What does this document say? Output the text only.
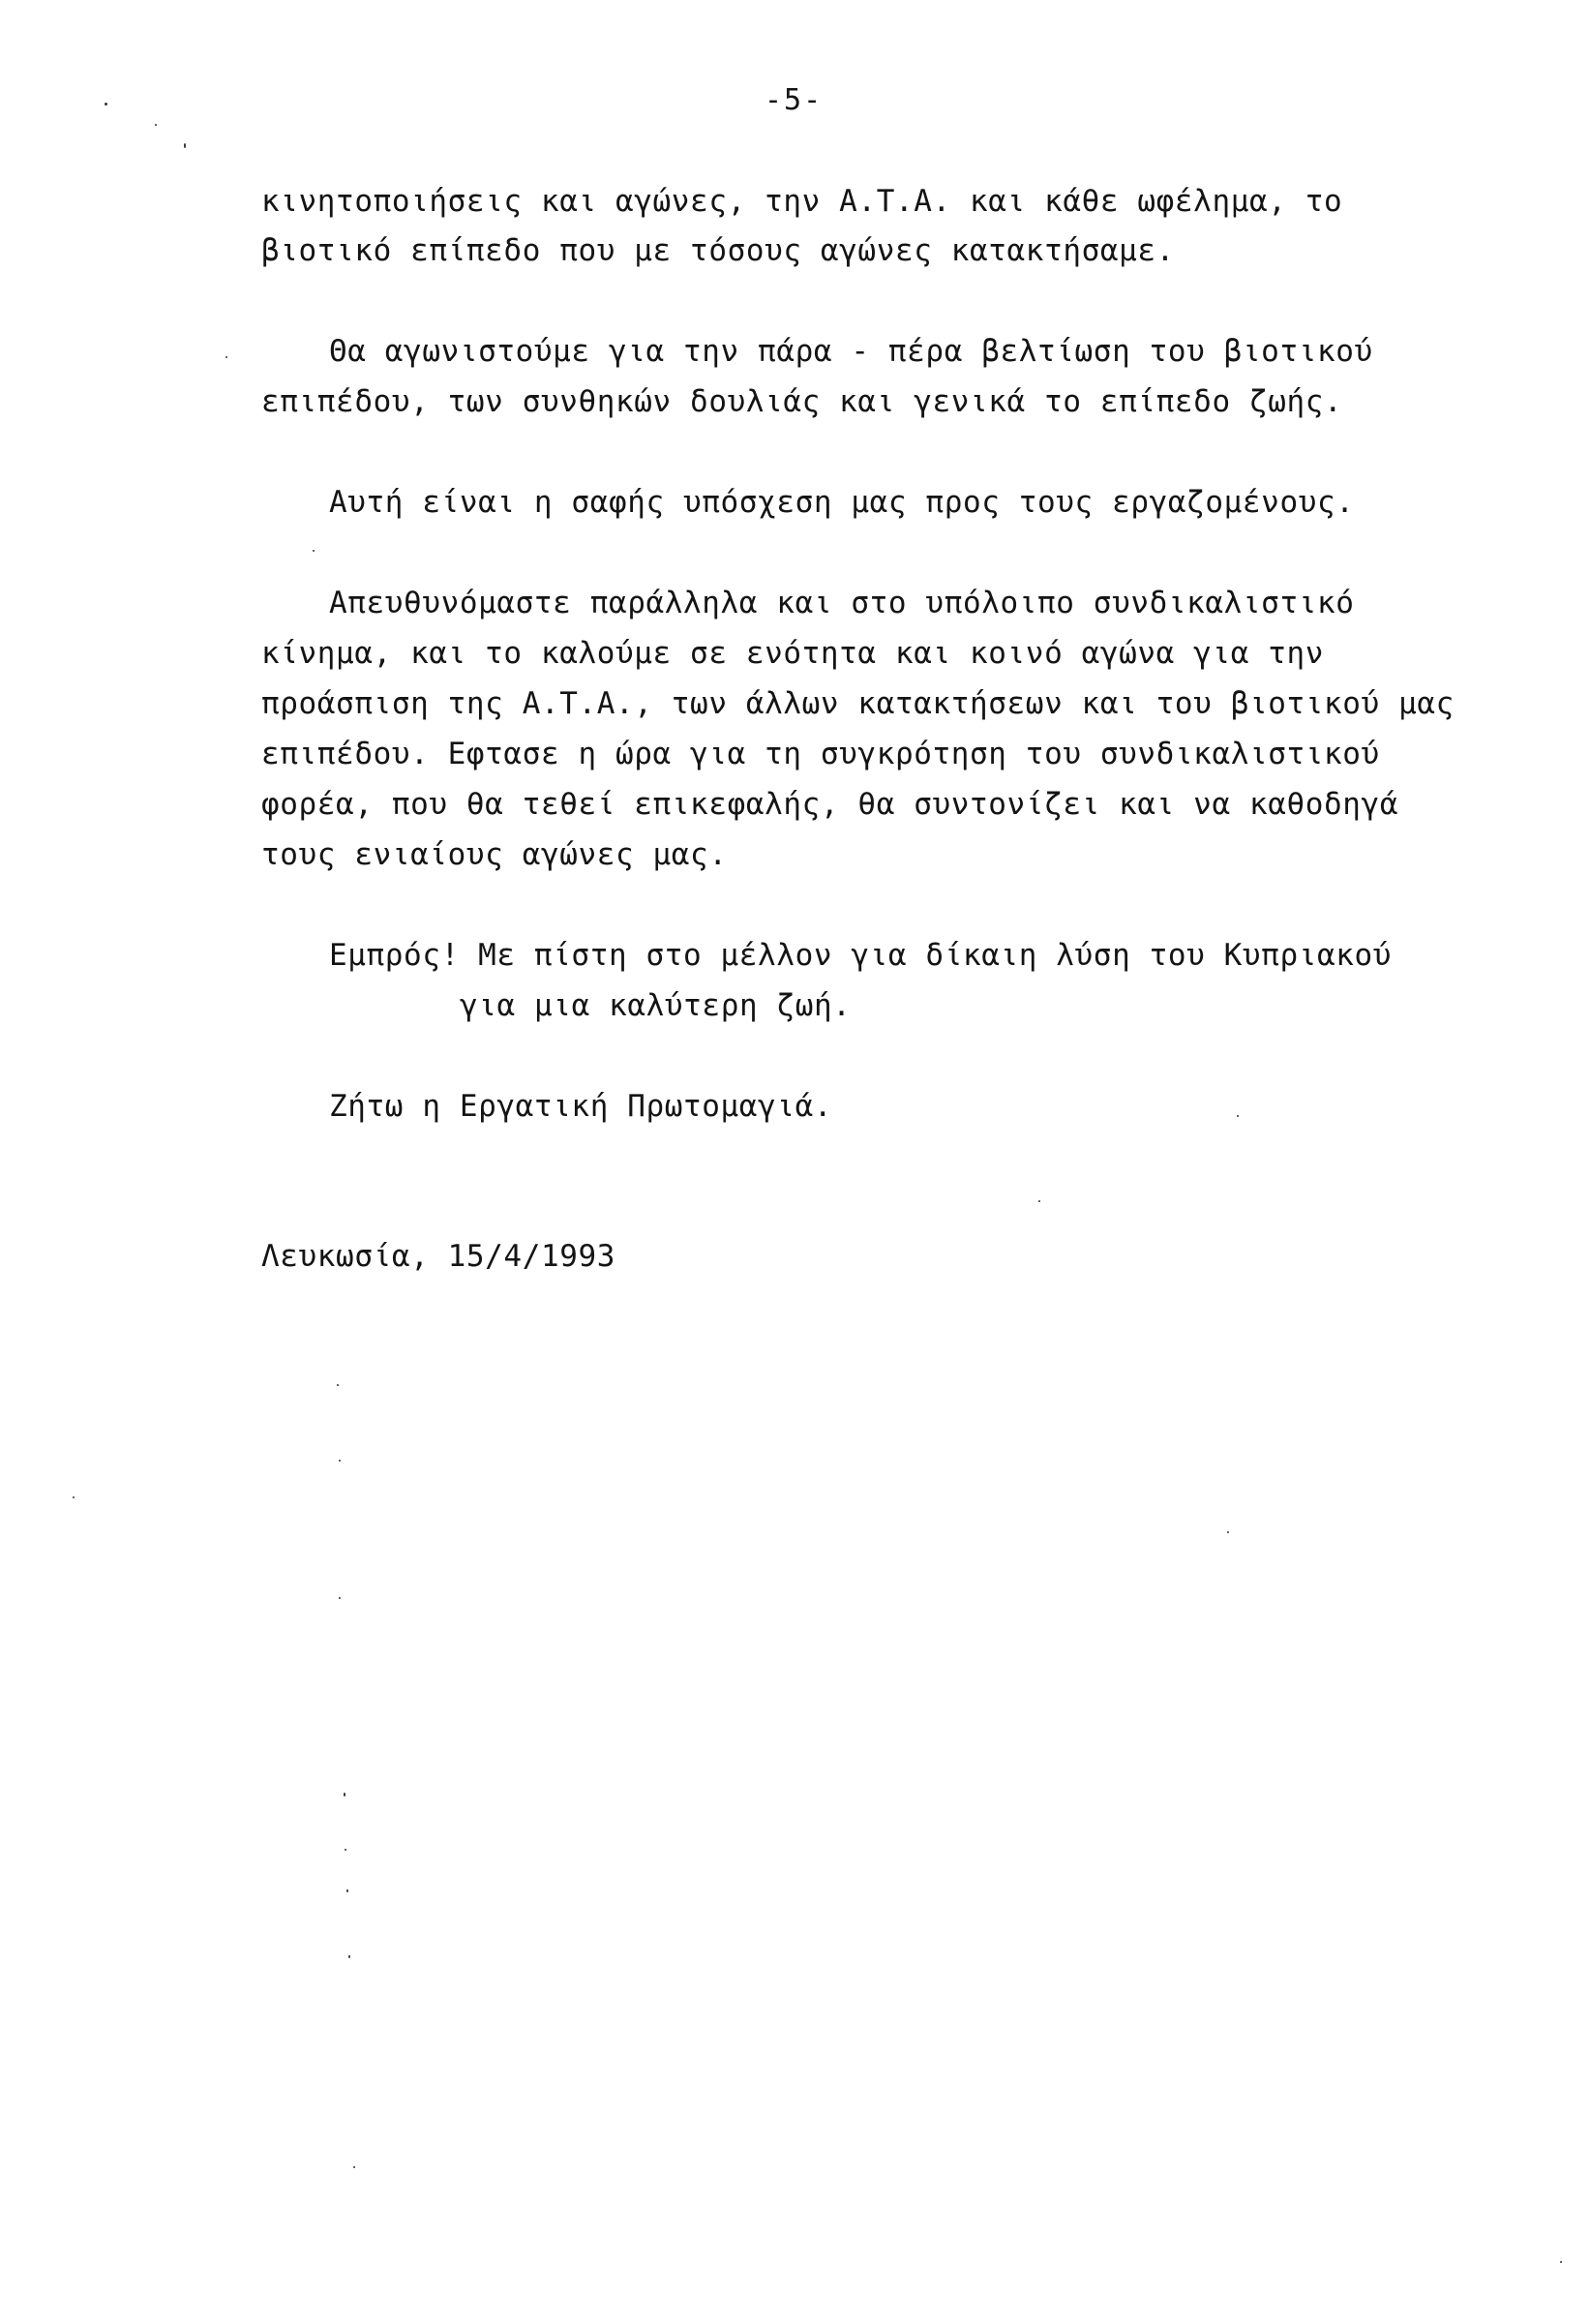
-5-
κινητοποιήσεις και αγώνες, την Α.Τ.Α. και κάθε ωφέλημα, το
βιοτικό επίπεδο που με τόσους αγώνες κατακτήσαμε.
Θα αγωνιστούμε για την πάρα - πέρα βελτίωση του βιοτικού
επιπέδου, των συνθηκών δουλιάς και γενικά το επίπεδο ζωής.
Αυτή είναι η σαφής υπόσχεση μας προς τους εργαζομένους.
Απευθυνόμαστε παράλληλα και στο υπόλοιπο συνδικαλιστικό
κίνημα, και το καλούμε σε ενότητα και κοινό αγώνα για την
προάσπιση της Α.Τ.Α., των άλλων κατακτήσεων και του βιοτικού μας
επιπέδου. Εφτασε η ώρα για τη συγκρότηση του συνδικαλιστικού
φορέα, που θα τεθεί επικεφαλής, θα συντονίζει και να καθοδηγά
τους ενιαίους αγώνες μας.
Εμπρός! Με πίστη στο μέλλον για δίκαιη λύση του Κυπριακού
για μια καλύτερη ζωή.
Ζήτω η Εργατική Πρωτομαγιά.
Λευκωσία, 15/4/1993
